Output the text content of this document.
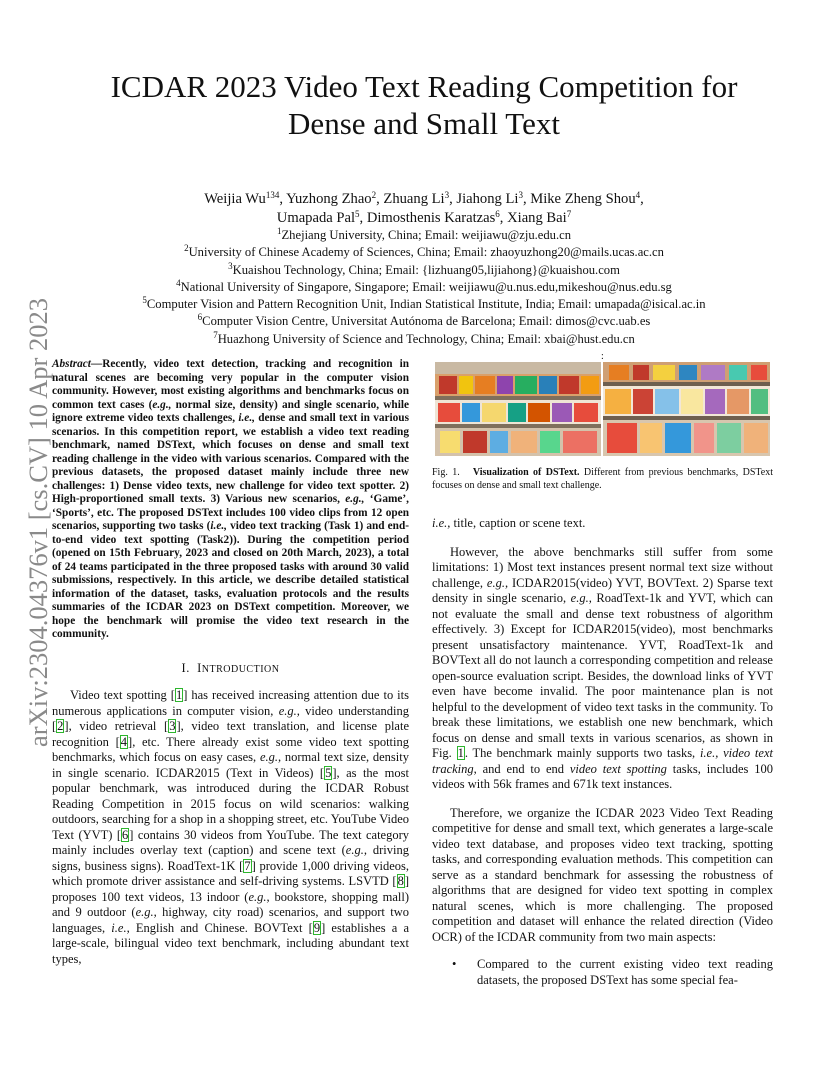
arXiv:2304.04376v1 [cs.CV] 10 Apr 2023
ICDAR 2023 Video Text Reading Competition for
Dense and Small Text
Weijia Wu$^{134}$, Yuzhong Zhao$^2$, Zhuang Li$^3$, Jiahong Li$^3$, Mike Zheng Shou$^4$,
Umapada Pal$^5$, Dimosthenis Karatzas$^6$, Xiang Bai$^7$
$^1$Zhejiang University, China; Email: weijiawu@zju.edu.cn
$^2$University of Chinese Academy of Sciences, China; Email: zhaoyuzhong20@mails.ucas.ac.cn
$^3$Kuaishou Technology, China; Email: {lizhuang05,lijiahong}@kuaishou.com
$^4$National University of Singapore, Singapore; Email: weijiawu@u.nus.edu,mikeshou@nus.edu.sg
$^5$Computer Vision and Pattern Recognition Unit, Indian Statistical Institute, India; Email: umapada@isical.ac.in
$^6$Computer Vision Centre, Universitat Autónoma de Barcelona; Email: dimos@cvc.uab.es
$^7$Huazhong University of Science and Technology, China; Email: xbai@hust.edu.cn

Abstract—Recently, video text detection, tracking and recognition in natural scenes are becoming very popular in the computer vision community. However, most existing algorithms and benchmarks focus on common text cases (e.g., normal size, density) and single scenario, while ignore extreme video texts challenges, i.e., dense and small text in various scenarios. In this competition report, we establish a video text reading benchmark, named DSText, which focuses on dense and small text reading challenge in the video with various scenarios. Compared with the previous datasets, the proposed dataset mainly include three new challenges: 1) Dense video texts, new challenge for video text spotter. 2) High-proportioned small texts. 3) Various new scenarios, e.g., ‘Game’, ‘Sports’, etc. The proposed DSText includes 100 video clips from 12 open scenarios, supporting two tasks (i.e., video text tracking (Task 1) and end-to-end video text spotting (Task2)). During the competition period (opened on 15th February, 2023 and closed on 20th March, 2023), a total of 24 teams participated in the three proposed tasks with around 30 valid submissions, respectively. In this article, we describe detailed statistical information of the dataset, tasks, evaluation protocols and the results summaries of the ICDAR 2023 on DSText competition. Moreover, we hope the benchmark will promise the video text research in the community.

I. INTRODUCTION

Video text spotting [1] has received increasing attention due to its numerous applications in computer vision, e.g., video understanding [2], video retrieval [3], video text translation, and license plate recognition [4], etc. There already exist some video text spotting benchmarks, which focus on easy cases, e.g., normal text size, density in single scenario. ICDAR2015 (Text in Videos) [5], as the most popular benchmark, was introduced during the ICDAR Robust Reading Competition in 2015 focus on wild scenarios: walking outdoors, searching for a shop in a shopping street, etc. YouTube Video Text (YVT) [6] contains 30 videos from YouTube. The text category mainly includes overlay text (caption) and scene text (e.g., driving signs, business signs). RoadText-1K [7] provide 1,000 driving videos, which promote driver assistance and self-driving systems. LSVTD [8] proposes 100 text videos, 13 indoor (e.g., bookstore, shopping mall) and 9 outdoor (e.g., highway, city road) scenarios, and support two languages, i.e., English and Chinese. BOVText [9] establishes a a large-scale, bilingual video text benchmark, including abundant text types,

:
Fig. 1. Visualization of DSText. Different from previous benchmarks, DSText focuses on dense and small text challenge.

i.e., title, caption or scene text.

However, the above benchmarks still suffer from some limitations: 1) Most text instances present normal text size without challenge, e.g., ICDAR2015(video) YVT, BOVText. 2) Sparse text density in single scenario, e.g., RoadText-1k and YVT, which can not evaluate the small and dense text robustness of algorithm effectively. 3) Except for ICDAR2015(video), most benchmarks present unsatisfactory maintenance. YVT, RoadText-1k and BOVText all do not launch a corresponding competition and release open-source evaluation script. Besides, the download links of YVT even have become invalid. The poor maintenance plan is not helpful to the development of video text tasks in the community. To break these limitations, we establish one new benchmark, which focus on dense and small texts in various scenarios, as shown in Fig. 1. The benchmark mainly supports two tasks, i.e., video text tracking, and end to end video text spotting tasks, includes 100 videos with 56k frames and 671k text instances.

Therefore, we organize the ICDAR 2023 Video Text Reading competitive for dense and small text, which generates a large-scale video text database, and proposes video text tracking, spotting tasks, and corresponding evaluation methods. This competition can serve as a standard benchmark for assessing the robustness of algorithms that are designed for video text spotting in complex natural scenes, which is more challenging. The proposed competition and dataset will enhance the related direction (Video OCR) of the ICDAR community from two main aspects:

• Compared to the current existing video text reading datasets, the proposed DSText has some special fea-
